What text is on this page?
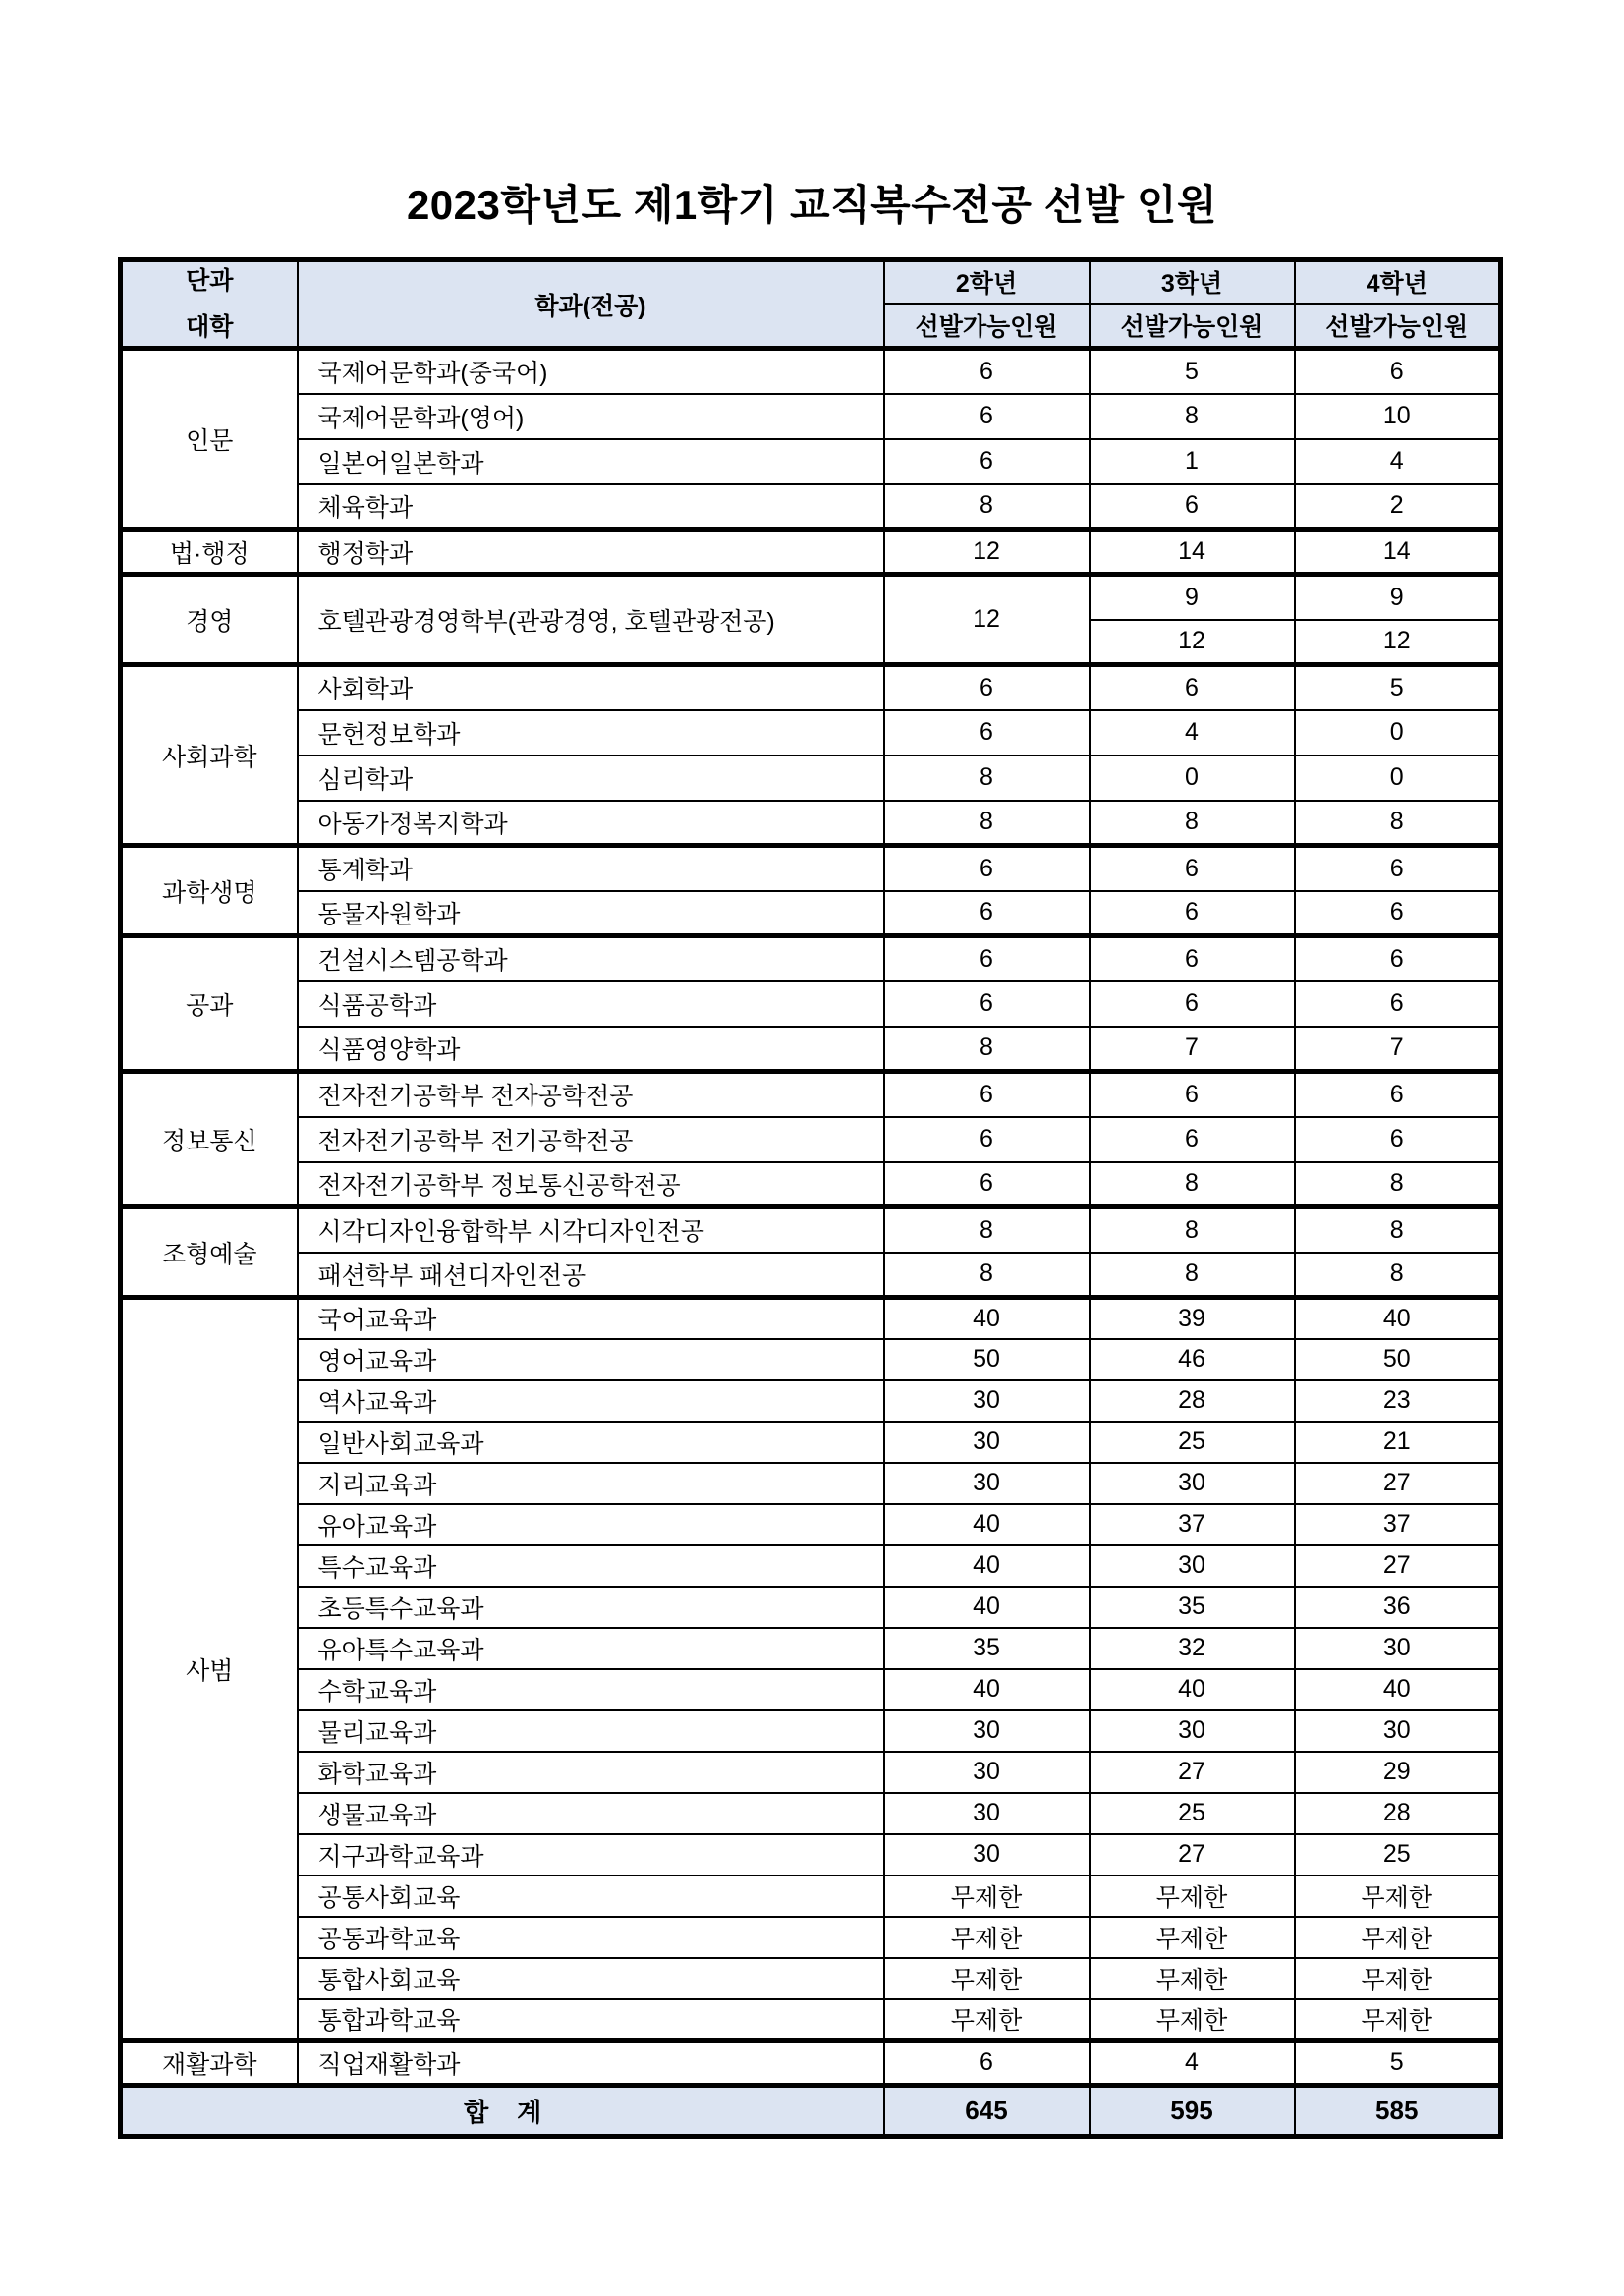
2023학년도 제1학기 교직복수전공 선발 인원
단과
대학	학과(전공)	2학년	3학년	4학년
		선발가능인원	선발가능인원	선발가능인원
인문	국제어문학과(중국어)	6	5	6
	국제어문학과(영어)	6	8	10
	일본어일본학과	6	1	4
	체육학과	8	6	2
법·행정	행정학과	12	14	14
경영	호텔관광경영학부(관광경영, 호텔관광전공)	12	9	9
			12	12
사회과학	사회학과	6	6	5
	문헌정보학과	6	4	0
	심리학과	8	0	0
	아동가정복지학과	8	8	8
과학생명	통계학과	6	6	6
	동물자원학과	6	6	6
공과	건설시스템공학과	6	6	6
	식품공학과	6	6	6
	식품영양학과	8	7	7
정보통신	전자전기공학부 전자공학전공	6	6	6
	전자전기공학부 전기공학전공	6	6	6
	전자전기공학부 정보통신공학전공	6	8	8
조형예술	시각디자인융합학부 시각디자인전공	8	8	8
	패션학부 패션디자인전공	8	8	8
사범	국어교육과	40	39	40
	영어교육과	50	46	50
	역사교육과	30	28	23
	일반사회교육과	30	25	21
	지리교육과	30	30	27
	유아교육과	40	37	37
	특수교육과	40	30	27
	초등특수교육과	40	35	36
	유아특수교육과	35	32	30
	수학교육과	40	40	40
	물리교육과	30	30	30
	화학교육과	30	27	29
	생물교육과	30	25	28
	지구과학교육과	30	27	25
	공통사회교육	무제한	무제한	무제한
	공통과학교육	무제한	무제한	무제한
	통합사회교육	무제한	무제한	무제한
	통합과학교육	무제한	무제한	무제한
재활과학	직업재활학과	6	4	5
합    계		645	595	585
